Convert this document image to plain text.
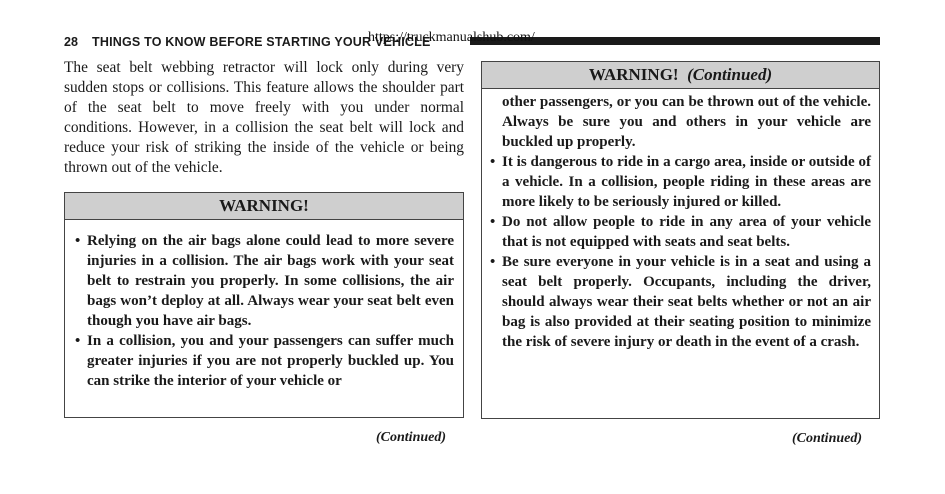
28 THINGS TO KNOW BEFORE STARTING YOUR VEHICLE
https://truckmanualshub.com/

The seat belt webbing retractor will lock only during very sudden stops or collisions. This feature allows the shoulder part of the seat belt to move freely with you under normal conditions. However, in a collision the seat belt will lock and reduce your risk of striking the inside of the vehicle or being thrown out of the vehicle.

WARNING!
• Relying on the air bags alone could lead to more severe injuries in a collision. The air bags work with your seat belt to restrain you properly. In some collisions, the air bags won’t deploy at all. Always wear your seat belt even though you have air bags.
• In a collision, you and your passengers can suffer much greater injuries if you are not properly buckled up. You can strike the interior of your vehicle or
(Continued)
WARNING! (Continued)
other passengers, or you can be thrown out of the vehicle. Always be sure you and others in your vehicle are buckled up properly.
• It is dangerous to ride in a cargo area, inside or outside of a vehicle. In a collision, people riding in these areas are more likely to be seriously injured or killed.
• Do not allow people to ride in any area of your vehicle that is not equipped with seats and seat belts.
• Be sure everyone in your vehicle is in a seat and using a seat belt properly. Occupants, including the driver, should always wear their seat belts whether or not an air bag is also provided at their seating position to minimize the risk of severe injury or death in the event of a crash.
(Continued)
